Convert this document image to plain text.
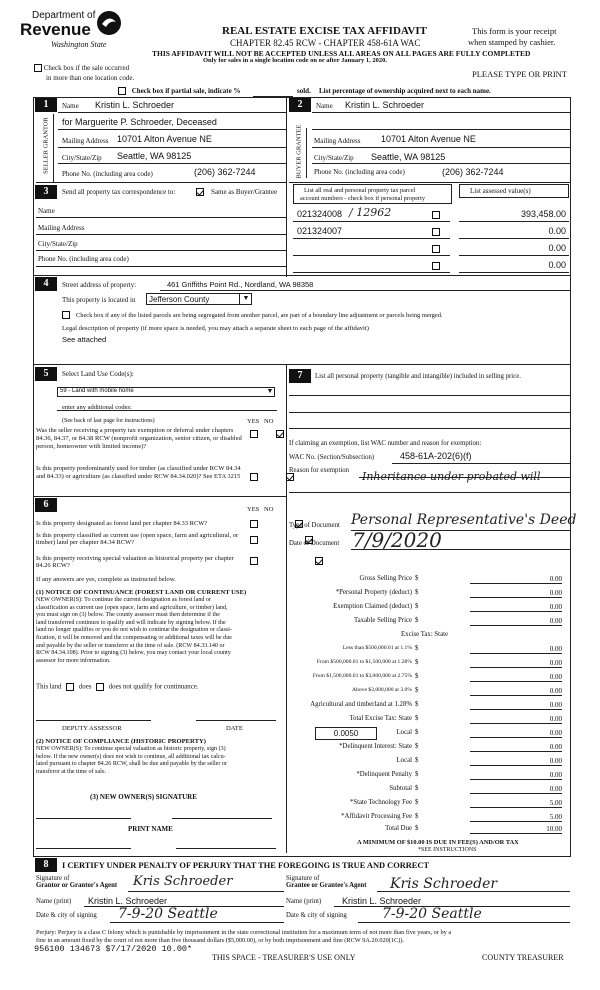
Department of
Revenue
Washington State
REAL ESTATE EXCISE TAX AFFIDAVIT
CHAPTER 82.45 RCW - CHAPTER 458-61A WAC
THIS AFFIDAVIT WILL NOT BE ACCEPTED UNLESS ALL AREAS ON ALL PAGES ARE FULLY COMPLETED
Only for sales in a single location code on or after January 1, 2020.
This form is your receipt
when stamped by cashier.
PLEASE TYPE OR PRINT
Check box if the sale occurred
in more than one location code.
Check box if partial sale, indicate %	sold. List percentage of ownership acquired next to each name.
1
SELLER GRANTOR
Name Kristin L. Schroeder
for Marguerite P. Schroeder, Deceased
Mailing Address 10701 Alton Avenue NE
City/State/Zip Seattle, WA 98125
Phone No. (including area code)	(206) 362-7244
2
BUYER GRANTEE
Name Kristin L. Schroeder
Mailing Address 10701 Alton Avenue NE
City/State/Zip Seattle, WA 98125
Phone No. (including area code)	(206) 362-7244
3	Send all property tax correspondence to:
	Same as Buyer/Grantee
Name
Mailing Address
City/State/Zip
Phone No. (including area code)
List all real and personal property tax parcel
account numbers - check box if personal property
List assessed value(s)
021324008 / 12962	393,458.00
021324007	0.00
0.00
0.00
4	Street address of property:	461 Griffiths Point Rd., Nordland, WA 98358
This property is located in Jefferson County	▼
Check box if any of the listed parcels are being segregated from another parcel, are part of a boundary line adjustment or parcels being merged.
Legal description of property (if more space is needed, you may attach a separate sheet to each page of the affidavit)
See attached
5	Select Land Use Code(s):
59 - Land with mobile home	▼
enter any additional codes:
(See back of last page for instructions)	YES NO
Was the seller receiving a property tax exemption or deferral under chapters 84.36, 84.37, or 84.38 RCW (nonprofit organization, senior citizen, or disabled person, homeowner with limited income)?

Is this property predominantly used for timber (as classified under RCW 84.34 and 84.33) or agriculture (as classified under RCW 84.34.020)? See ETA 3215

6	YES NO
Is this property designated as forest land per chapter 84.33 RCW?

Is this property classified as current use (open space, farm and agricultural, or timber) land per chapter 84.34 RCW?

Is this property receiving special valuation as historical property per chapter 84.26 RCW?
If any answers are yes, complete as instructed below.
(1) NOTICE OF CONTINUANCE (FOREST LAND OR CURRENT USE)
NEW OWNER(S): To continue the current designation as forest land or
classification as current use (open space, farm and agriculture, or timber) land,
you must sign on (3) below. The county assessor must then determine if the
land transferred continues to qualify and will indicate by signing below. If the
land no longer qualifies or you do not wish to continue the designation or classi-
fication, it will be removed and the compensating or additional taxes will be due
and payable by the seller or transferor at the time of sale. (RCW 84.33.140 or
RCW 84.34.108). Prior to signing (3) below, you may contact your local county
assessor for more information.
This land	does	does not qualify for continuance.
DEPUTY ASSESSOR	DATE
(2) NOTICE OF COMPLIANCE (HISTORIC PROPERTY)
NEW OWNER(S): To continue special valuation as historic property, sign (3)
below. If the new owner(s) does not wish to continue, all additional tax calcu-
lated pursuant to chapter 84.26 RCW, shall be due and payable by the seller or
transferor at the time of sale.
(3) NEW OWNER(S) SIGNATURE
PRINT NAME
7	List all personal property (tangible and intangible) included in selling price.
If claiming an exemption, list WAC number and reason for exemption:
WAC No. (Section/Subsection)	458-61A-202(6)(f)
Reason for exemption Inheritance under probated will
Type of Document Personal Representative's Deed
Date of Document 7/9/2020
Gross Selling Price $	0.00
*Personal Property (deduct) $	0.00
Exemption Claimed (deduct) $	0.00
Taxable Selling Price $	0.00
Excise Tax: State
Less than $500,000.01 at 1.1% $	0.00
From $500,000.01 to $1,500,000 at 1.28% $	0.00
From $1,500,000.01 to $3,000,000 at 2.75% $	0.00
Above $3,000,000 at 3.0% $	0.00
Agricultural and timberland at 1.28% $	0.00
Total Excise Tax: State $	0.00
0.0050	Local $	0.00
*Delinquent Interest: State $	0.00
Local $	0.00
*Delinquent Penalty $	0.00
Subtotal $	0.00
*State Technology Fee $	5.00
*Affidavit Processing Fee $	5.00
Total Due $	10.00
A MINIMUM OF $10.00 IS DUE IN FEE(S) AND/OR TAX
*SEE INSTRUCTIONS
8	I CERTIFY UNDER PENALTY OF PERJURY THAT THE FOREGOING IS TRUE AND CORRECT
Signature of
Grantor or Grantor's Agent Kris Schroeder	Signature of
Grantee or Grantee's Agent Kris Schroeder
Name (print) Kristin L. Schroeder	Name (print) Kristin L. Schroeder
Date & city of signing 7-9-20 Seattle	Date & city of signing	7-9-20 Seattle
Perjury: Perjury is a class C felony which is punishable by imprisonment in the state correctional institution for a maximum term of not more than five years, or by a
fine in an amount fixed by the court of not more than five thousand dollars ($5,000.00), or by both imprisonment and fine (RCW 9A.20.020(1C)).
956100 134673 $7/17/2020 10.00*
THIS SPACE - TREASURER'S USE ONLY	COUNTY TREASURER
